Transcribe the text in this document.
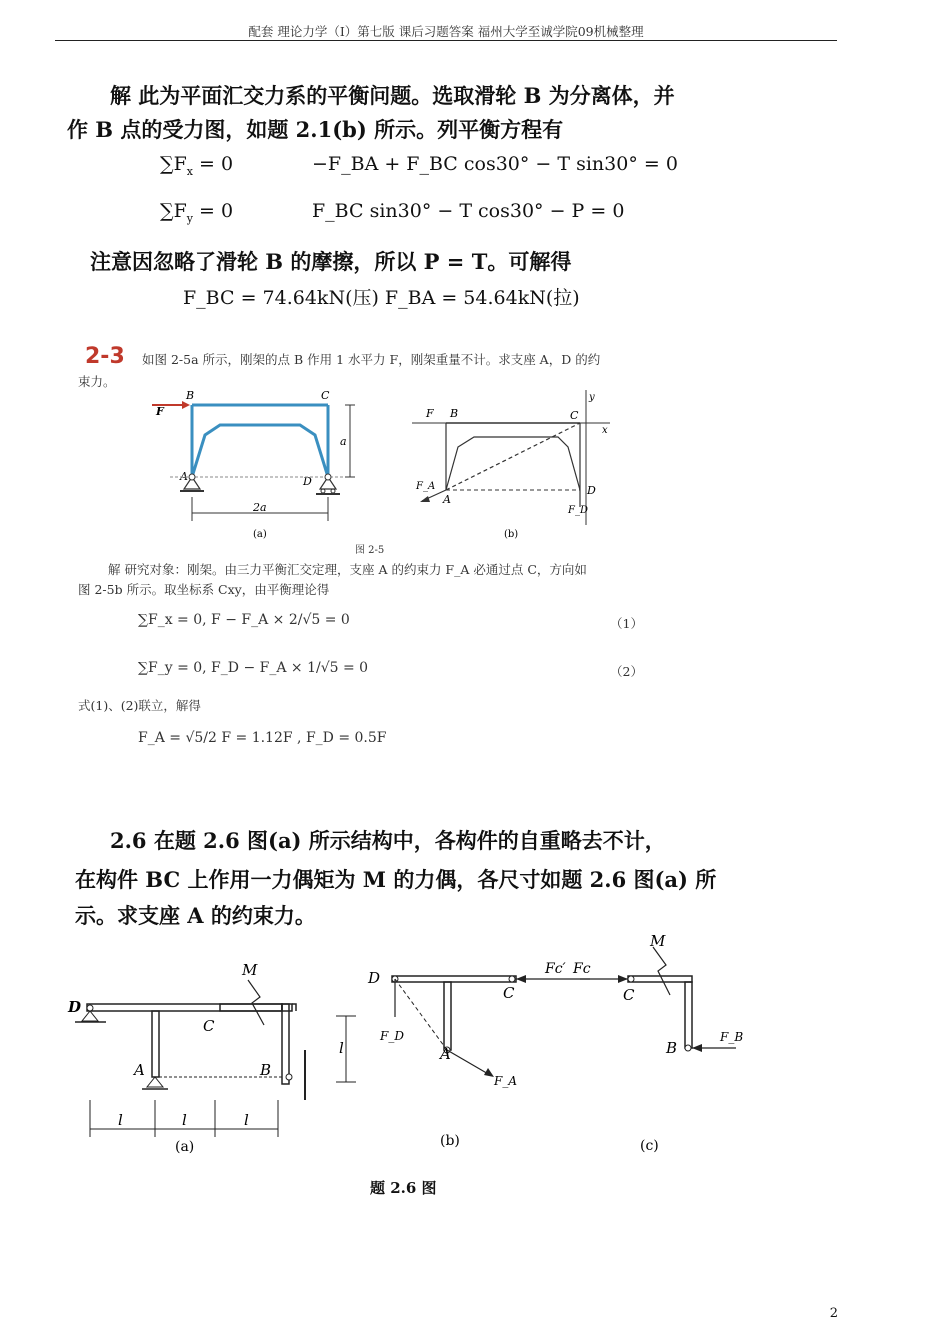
配套 理论力学（I）第七版 课后习题答案 福州大学至诚学院09机械整理
解 此为平面汇交力系的平衡问题。选取滑轮 B 为分离体，并
作 B 点的受力图，如题 2.1(b) 所示。列平衡方程有
$\sum F_x = 0$	−F_BA + F_BC cos30° − T sin30° = 0
$\sum F_y = 0$	F_BC sin30° − T cos30° − P = 0
注意因忽略了滑轮 B 的摩擦，所以 P = T。可解得
F_BC = 74.64kN(压) F_BA = 54.64kN(拉)
2-3 如图 2-5a 所示，刚架的点 B 作用 1 水平力 F，刚架重量不计。求支座 A，D 的约
束力。
F
B	C
A	D
a
2a
(a)
y
x
F B	C
A
D
F_A
F_D
(b)
图 2-5
解 研究对象：刚架。由三力平衡汇交定理，支座 A 的约束力 F_A 必通过点 C，方向如
图 2-5b 所示。取坐标系 Cxy，由平衡理论得
∑F_x = 0, F − F_A × 2/√5 = 0	（1）
∑F_y = 0, F_D − F_A × 1/√5 = 0	（2）
式(1)、(2)联立，解得
F_A = √5/2 F = 1.12F , F_D = 0.5F
2.6 在题 2.6 图(a) 所示结构中，各构件的自重略去不计，
在构件 BC 上作用一力偶矩为 M 的力偶，各尺寸如题 2.6 图(a) 所
示。求支座 A 的约束力。
D
C
A	B
M
l
l	l	l
(a)
D
C
A
F_D
F_A
Fc′
(b)
M
Fc
C
B
F_B
(c)
题 2.6 图
2
